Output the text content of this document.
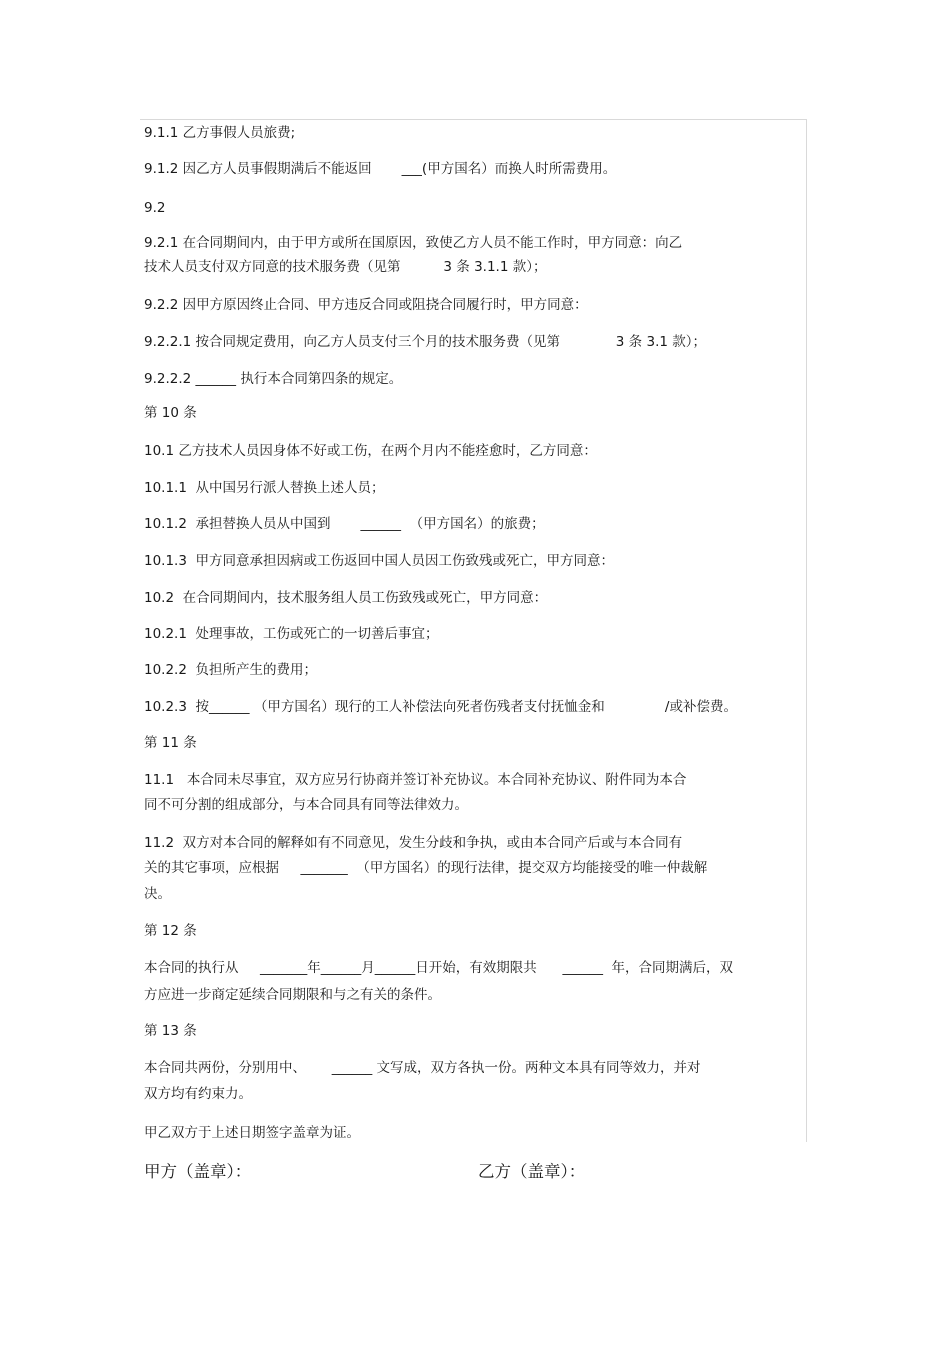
9.1.1 乙方事假人员旅费;
9.1.2 因乙方人员事假期满后不能返回       ___(甲方国名）而换人时所需费用。
9.2
9.2.1 在合同期间内，由于甲方或所在国原因，致使乙方人员不能工作时，甲方同意：向乙
技术人员支付双方同意的技术服务费（见第          3 条 3.1.1 款）；
9.2.2 因甲方原因终止合同、甲方违反合同或阻挠合同履行时，甲方同意：
9.2.2.1 按合同规定费用，向乙方人员支付三个月的技术服务费（见第             3 条 3.1 款）；
9.2.2.2 ______ 执行本合同第四条的规定。
第 10 条
10.1 乙方技术人员因身体不好或工伤，在两个月内不能痊愈时，乙方同意：
10.1.1  从中国另行派人替换上述人员；
10.1.2  承担替换人员从中国到       ______  （甲方国名）的旅费；
10.1.3  甲方同意承担因病或工伤返回中国人员因工伤致残或死亡，甲方同意：
10.2  在合同期间内，技术服务组人员工伤致残或死亡，甲方同意：
10.2.1  处理事故，工伤或死亡的一切善后事宜；
10.2.2  负担所产生的费用；
10.2.3  按______ （甲方国名）现行的工人补偿法向死者伤残者支付抚恤金和              /或补偿费。
第 11 条
11.1   本合同未尽事宜，双方应另行协商并签订补充协议。本合同补充协议、附件同为本合
同不可分割的组成部分，与本合同具有同等法律效力。
11.2  双方对本合同的解释如有不同意见，发生分歧和争执，或由本合同产后或与本合同有
关的其它事项，应根据     _______  （甲方国名）的现行法律，提交双方均能接受的唯一仲裁解
决。
第 12 条
本合同的执行从     _______年______月______日开始，有效期限共      ______  年，合同期满后，双
方应进一步商定延续合同期限和与之有关的条件。
第 13 条
本合同共两份，分别用中、      ______ 文写成，双方各执一份。两种文本具有同等效力，并对
双方均有约束力。
甲乙双方于上述日期签字盖章为证。
甲方（盖章）：	乙方（盖章）：
